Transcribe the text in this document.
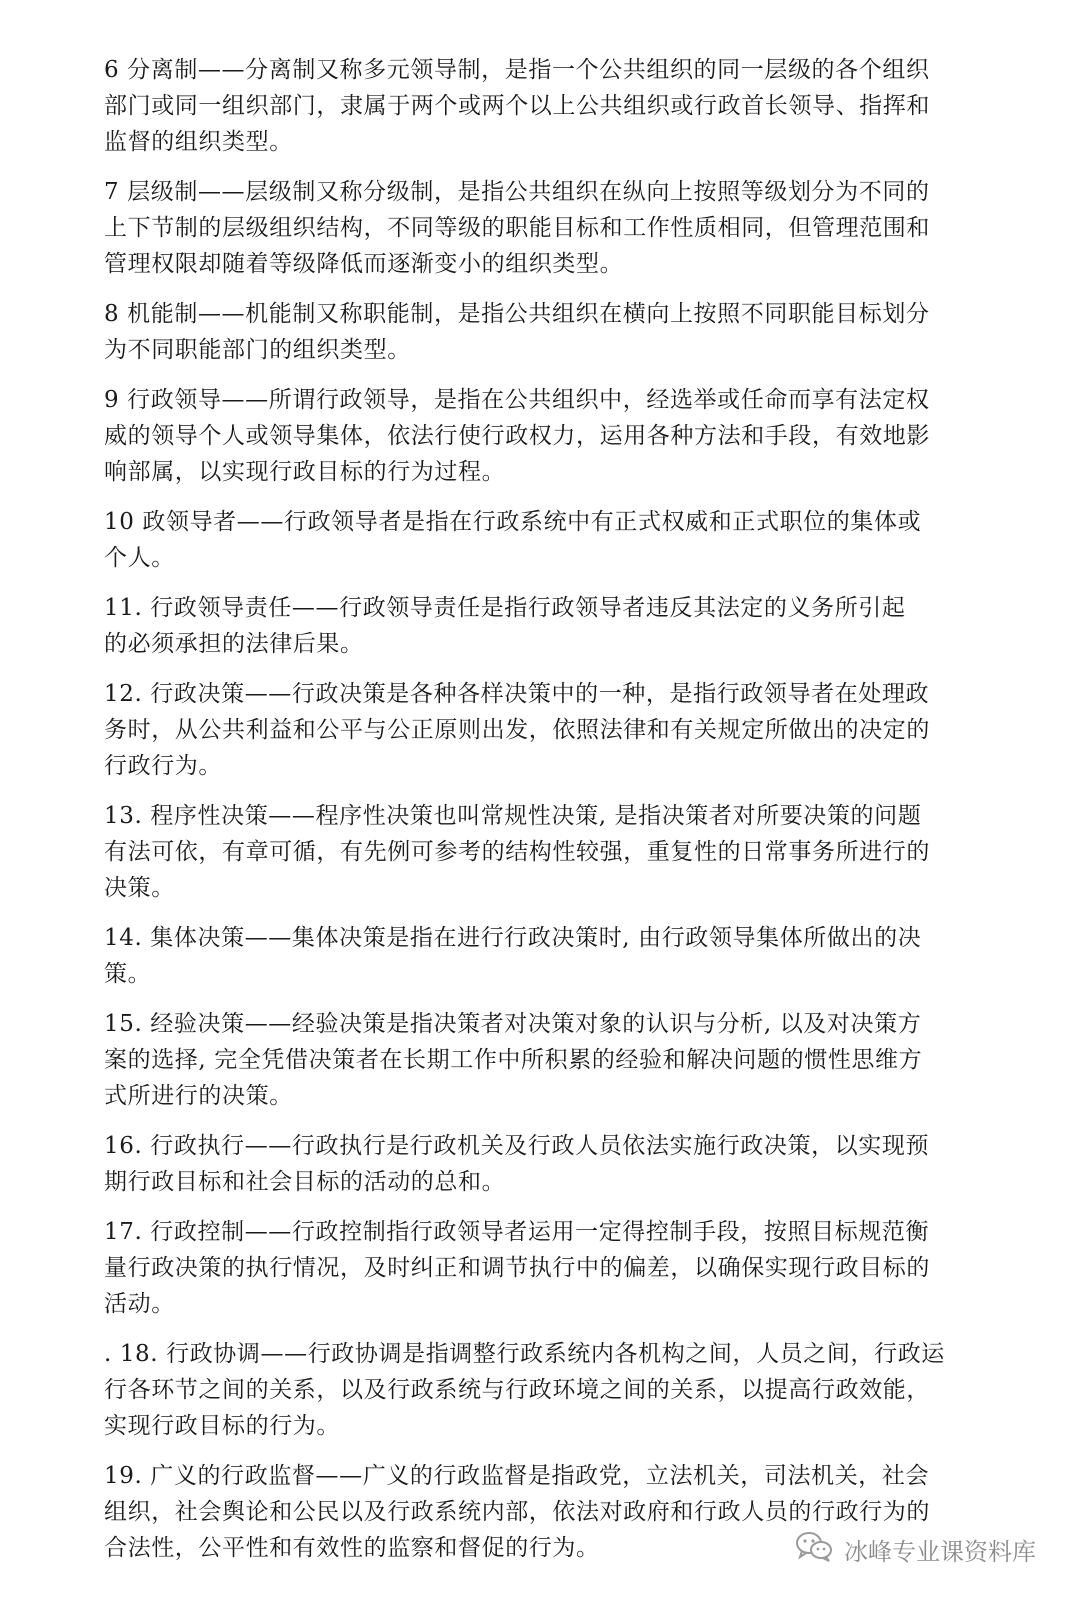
6 分离制——分离制又称多元领导制，是指一个公共组织的同一层级的各个组织
部门或同一组织部门，隶属于两个或两个以上公共组织或行政首长领导、指挥和
监督的组织类型。
7 层级制——层级制又称分级制，是指公共组织在纵向上按照等级划分为不同的
上下节制的层级组织结构，不同等级的职能目标和工作性质相同，但管理范围和
管理权限却随着等级降低而逐渐变小的组织类型。
8 机能制——机能制又称职能制，是指公共组织在横向上按照不同职能目标划分
为不同职能部门的组织类型。
9 行政领导——所谓行政领导，是指在公共组织中，经选举或任命而享有法定权
威的领导个人或领导集体，依法行使行政权力，运用各种方法和手段，有效地影
响部属，以实现行政目标的行为过程。
10 政领导者——行政领导者是指在行政系统中有正式权威和正式职位的集体或
个人。
11. 行政领导责任——行政领导责任是指行政领导者违反其法定的义务所引起
的必须承担的法律后果。
12. 行政决策——行政决策是各种各样决策中的一种，是指行政领导者在处理政
务时，从公共利益和公平与公正原则出发，依照法律和有关规定所做出的决定的
行政行为。
13. 程序性决策——程序性决策也叫常规性决策, 是指决策者对所要决策的问题
有法可依，有章可循，有先例可参考的结构性较强，重复性的日常事务所进行的
决策。
14. 集体决策——集体决策是指在进行行政决策时, 由行政领导集体所做出的决
策。
15. 经验决策——经验决策是指决策者对决策对象的认识与分析, 以及对决策方
案的选择, 完全凭借决策者在长期工作中所积累的经验和解决问题的惯性思维方
式所进行的决策。
16. 行政执行——行政执行是行政机关及行政人员依法实施行政决策，以实现预
期行政目标和社会目标的活动的总和。
17. 行政控制——行政控制指行政领导者运用一定得控制手段，按照目标规范衡
量行政决策的执行情况，及时纠正和调节执行中的偏差，以确保实现行政目标的
活动。
. 18. 行政协调——行政协调是指调整行政系统内各机构之间，人员之间，行政运
行各环节之间的关系，以及行政系统与行政环境之间的关系，以提高行政效能，
实现行政目标的行为。
19. 广义的行政监督——广义的行政监督是指政党，立法机关，司法机关，社会
组织，社会舆论和公民以及行政系统内部，依法对政府和行政人员的行政行为的
合法性，公平性和有效性的监察和督促的行为。	冰峰专业课资料库
